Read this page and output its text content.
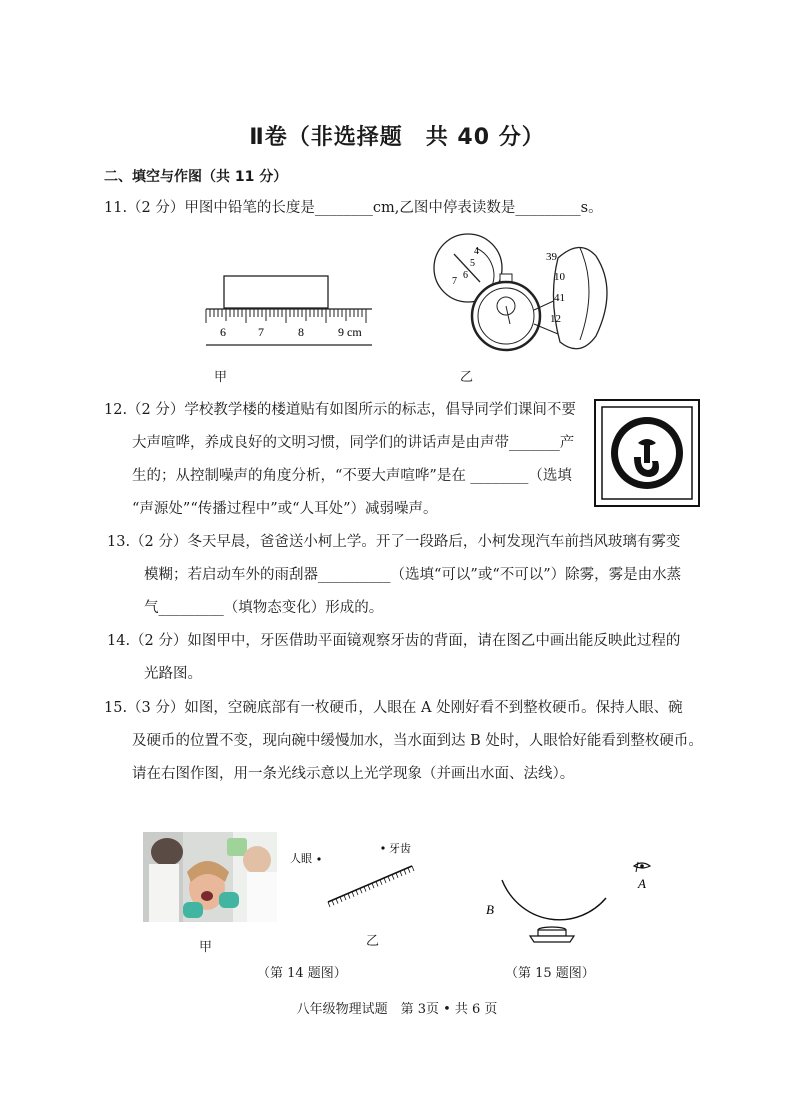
Ⅱ卷（非选择题　共 40 分）
二、填空与作图（共 11 分）
11.（2 分）甲图中铅笔的长度是________cm,乙图中停表读数是_________s。
6	7	8	9 cm
甲
4
5
6
7
39
10
41
12
乙
12.（2 分）学校教学楼的楼道贴有如图所示的标志，倡导同学们课间不要
大声喧哗，养成良好的文明习惯，同学们的讲话声是由声带_______产
生的；从控制噪声的角度分析，“不要大声喧哗”是在 ________（选填
“声源处”“传播过程中”或“人耳处”）减弱噪声。
13.（2 分）冬天早晨，爸爸送小柯上学。开了一段路后，小柯发现汽车前挡风玻璃有雾变
模糊；若启动车外的雨刮器__________（选填“可以”或“不可以”）除雾，雾是由水蒸
气_________（填物态变化）形成的。
14.（2 分）如图甲中，牙医借助平面镜观察牙齿的背面，请在图乙中画出能反映此过程的
光路图。
15.（3 分）如图，空碗底部有一枚硬币，人眼在 A 处刚好看不到整枚硬币。保持人眼、碗
及硬币的位置不变，现向碗中缓慢加水，当水面到达 B 处时，人眼恰好能看到整枚硬币。
请在右图作图，用一条光线示意以上光学现象（并画出水面、法线）。
甲
人眼
牙齿
乙
（第 14 题图）
B
A
（第 15 题图）
八年级物理试题　第 3页 • 共 6 页
